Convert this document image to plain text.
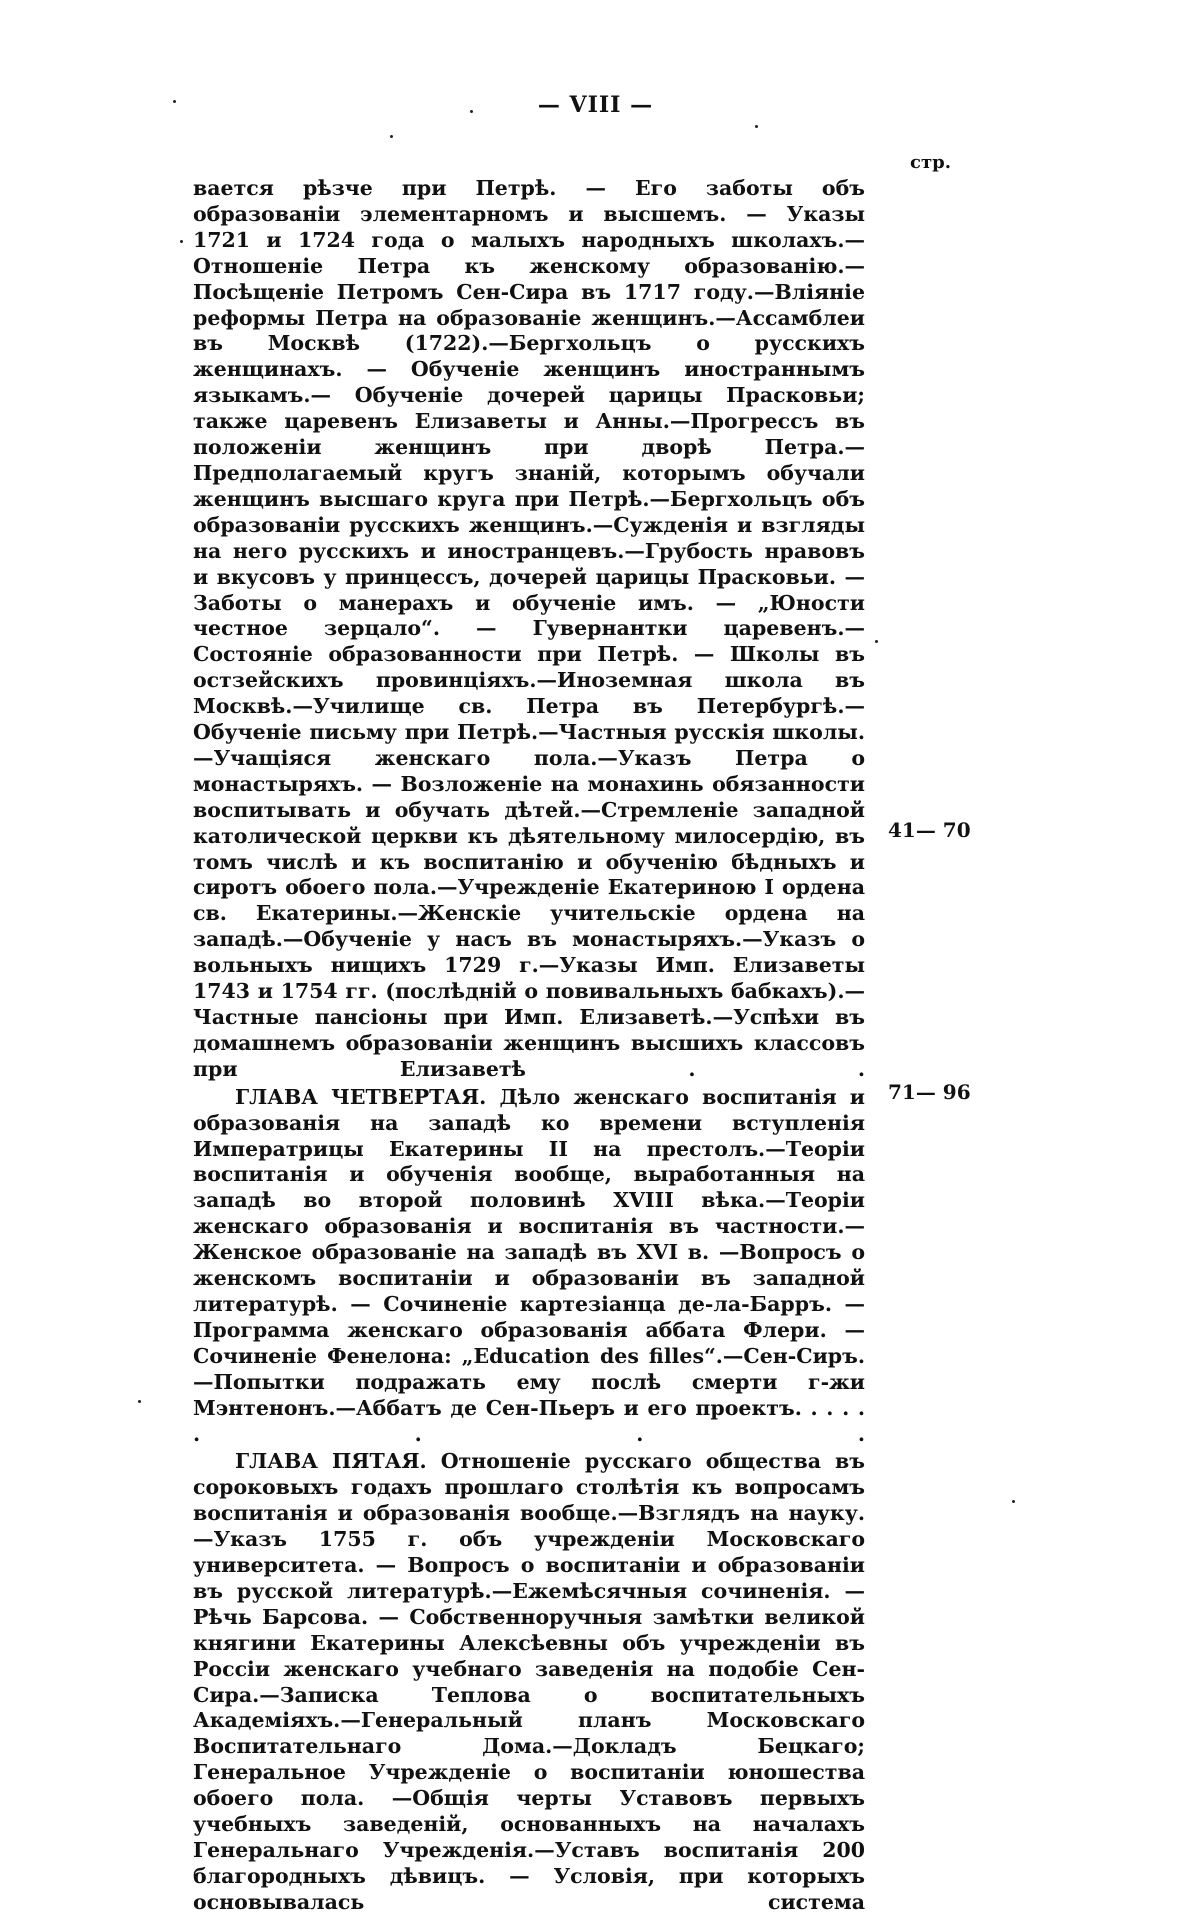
— VIII —
стр.

вается рѣзче при Петрѣ. — Его заботы объ образованіи элементарномъ и высшемъ. — Указы 1721 и 1724 года о малыхъ народныхъ школахъ.—Отношеніе Петра къ женскому образованію.—Посѣщеніе Петромъ Сен-Сира въ 1717 году.—Вліяніе реформы Петра на образованіе женщинъ.—Ассамблеи въ Москвѣ (1722).—Бергхольцъ о русскихъ женщинахъ. — Обученіе женщинъ иностраннымъ языкамъ.— Обученіе дочерей царицы Прасковьи; также царевенъ Елизаветы и Анны.—Прогрессъ въ положеніи женщинъ при дворѣ Петра.—Предполагаемый кругъ знаній, которымъ обучали женщинъ высшаго круга при Петрѣ.—Бергхольцъ объ образованіи русскихъ женщинъ.—Сужденія и взгляды на него русскихъ и иностранцевъ.—Грубость нравовъ и вкусовъ у принцессъ, дочерей царицы Прасковьи. — Заботы о манерахъ и обученіе имъ. — „Юности честное зерцало“. — Гувернантки царевенъ.—Состояніе образованности при Петрѣ. — Школы въ остзейскихъ провинціяхъ.—Иноземная школа въ Москвѣ.—Училище св. Петра въ Петербургѣ.—Обученіе письму при Петрѣ.—Частныя русскія школы.—Учащіяся женскаго пола.—Указъ Петра о монастыряхъ. — Возложеніе на монахинь обязанности воспитывать и обучать дѣтей.—Стремленіе западной католической церкви къ дѣятельному милосердію, въ томъ числѣ и къ воспитанію и обученію бѣдныхъ и сиротъ обоего пола.—Учрежденіе Екатериною I ордена св. Екатерины.—Женскіе учительскіе ордена на западѣ.—Обученіе у насъ въ монастыряхъ.—Указъ о вольныхъ нищихъ 1729 г.—Указы Имп. Елизаветы 1743 и 1754 гг. (послѣдній о повивальныхъ бабкахъ).—Частные пансіоны при Имп. Елизаветѣ.—Успѣхи въ домашнемъ образованіи женщинъ высшихъ классовъ при Елизаветѣ . .

ГЛАВА ЧЕТВЕРТАЯ. Дѣло женскаго воспитанія и образованія на западѣ ко времени вступленія Императрицы Екатерины II на престолъ.—Теоріи воспитанія и обученія вообще, выработанныя на западѣ во второй половинѣ XVIII вѣка.—Теоріи женскаго образованія и воспитанія въ частности.—Женское образованіе на западѣ въ XVI в. —Вопросъ о женскомъ воспитаніи и образованіи въ западной литературѣ. — Сочиненіе картезіанца де-ла-Барръ. — Программа женскаго образованія аббата Флери. — Сочиненіе Фенелона: „Education des filles“.—Сен-Сиръ.—Попытки подражать ему послѣ смерти г-жи Мэнтенонъ.—Аббатъ де Сен-Пьеръ и его проектъ. . . . . . . . .

ГЛАВА ПЯТАЯ. Отношеніе русскаго общества въ сороковыхъ годахъ прошлаго столѣтія къ вопросамъ воспитанія и образованія вообще.—Взглядъ на науку.—Указъ 1755 г. объ учрежденіи Московскаго университета. — Вопросъ о воспитаніи и образованіи въ русской литературѣ.—Ежемѣсячныя сочиненія. — Рѣчь Барсова. — Собственноручныя замѣтки великой княгини Екатерины Алексѣевны объ учрежденіи въ Россіи женскаго учебнаго заведенія на подобіе Сен-Сира.—Записка Теплова о воспитательныхъ Академіяхъ.—Генеральный планъ Московскаго Воспитательнаго Дома.—Докладъ Бецкаго; Генеральное Учрежденіе о воспитаніи юношества обоего пола. —Общія черты Уставовъ первыхъ учебныхъ заведеній, основанныхъ на началахъ Генеральнаго Учрежденія.—Уставъ воспитанія 200 благородныхъ дѣвицъ. — Условія, при которыхъ основывалась система

41— 70
71— 96
